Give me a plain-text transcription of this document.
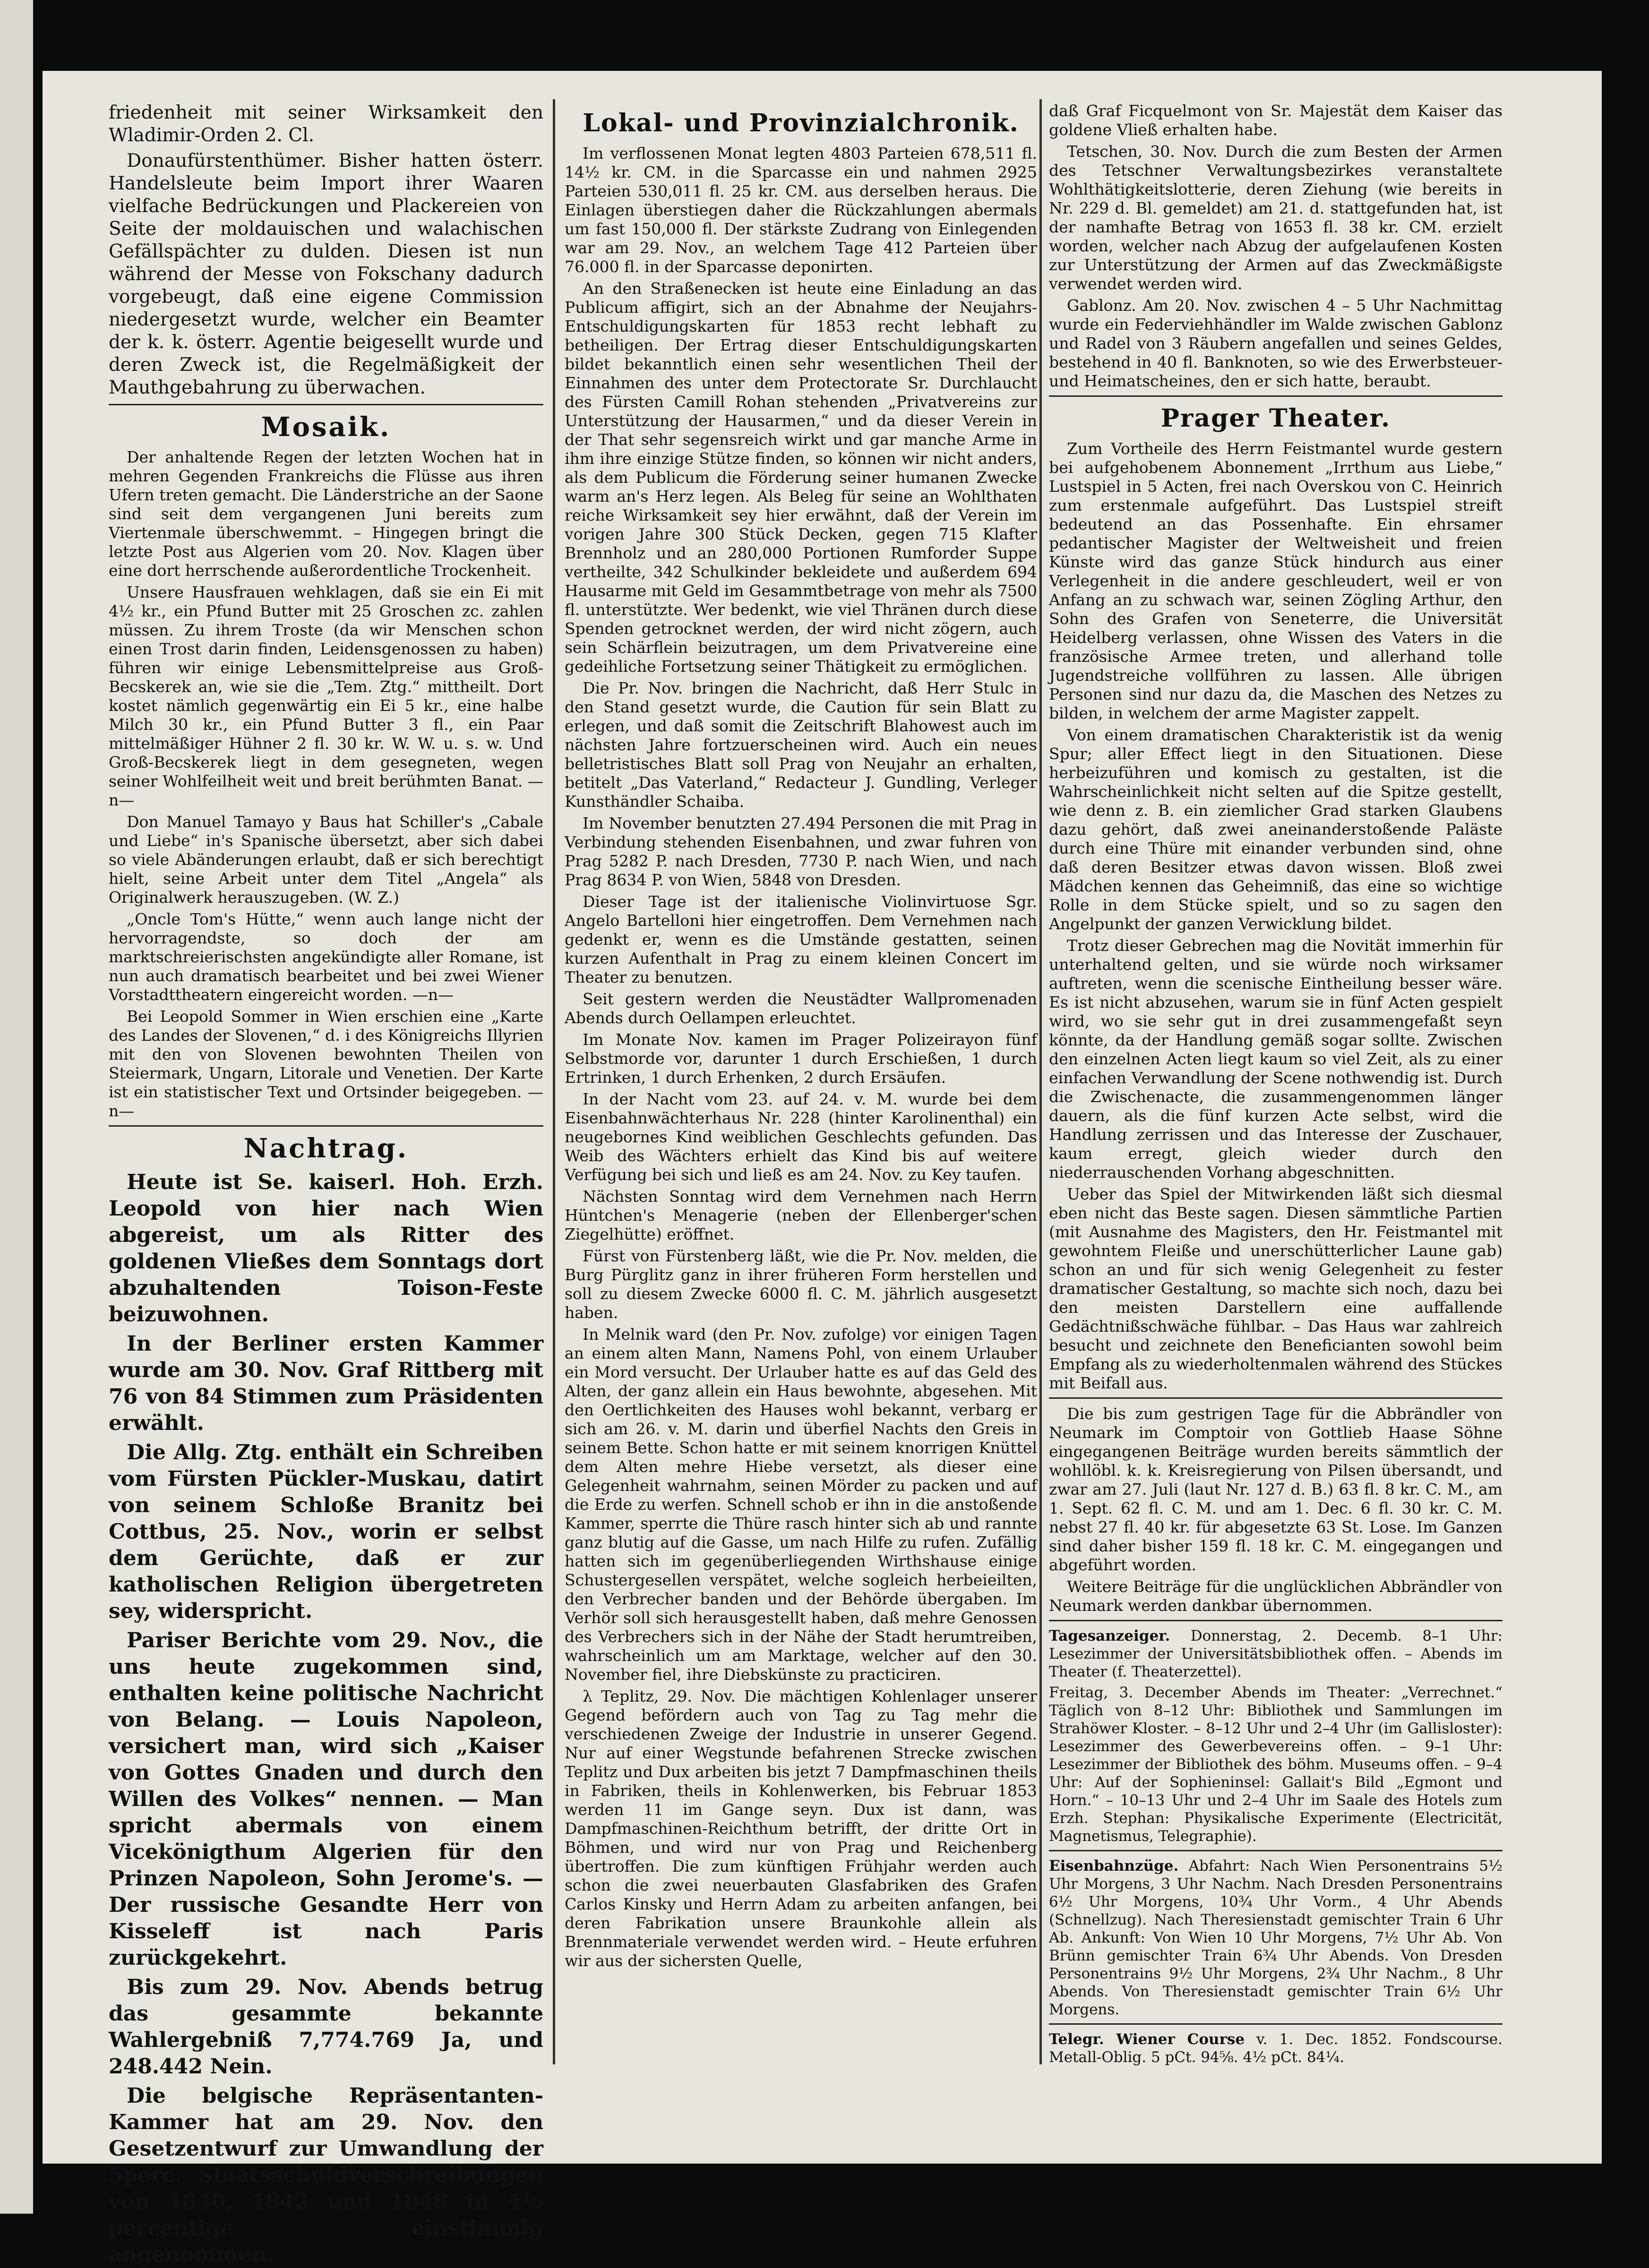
friedenheit mit seiner Wirksamkeit den Wladimir-Orden 2. Cl.

Donaufürstenthümer. Bisher hatten österr. Handelsleute beim Import ihrer Waaren vielfache Bedrückungen und Plackereien von Seite der moldauischen und walachischen Gefällspächter zu dulden. Diesen ist nun während der Messe von Fokschany dadurch vorgebeugt, daß eine eigene Commission niedergesetzt wurde, welcher ein Beamter der k. k. österr. Agentie beigesellt wurde und deren Zweck ist, die Regelmäßigkeit der Mauthgebahrung zu überwachen.

Mosaik.

Der anhaltende Regen der letzten Wochen hat in mehren Gegenden Frankreichs die Flüsse aus ihren Ufern treten gemacht. Die Länderstriche an der Saone sind seit dem vergangenen Juni bereits zum Viertenmale überschwemmt. – Hingegen bringt die letzte Post aus Algerien vom 20. Nov. Klagen über eine dort herrschende außerordentliche Trockenheit.

Unsere Hausfrauen wehklagen, daß sie ein Ei mit 4½ kr., ein Pfund Butter mit 25 Groschen zc. zahlen müssen. Zu ihrem Troste (da wir Menschen schon einen Trost darin finden, Leidensgenossen zu haben) führen wir einige Lebensmittelpreise aus Groß-Becskerek an, wie sie die „Tem. Ztg.“ mittheilt. Dort kostet nämlich gegenwärtig ein Ei 5 kr., eine halbe Milch 30 kr., ein Pfund Butter 3 fl., ein Paar mittelmäßiger Hühner 2 fl. 30 kr. W. W. u. s. w. Und Groß-Becskerek liegt in dem gesegneten, wegen seiner Wohlfeilheit weit und breit berühmten Banat. —n—

Don Manuel Tamayo y Baus hat Schiller's „Cabale und Liebe“ in's Spanische übersetzt, aber sich dabei so viele Abänderungen erlaubt, daß er sich berechtigt hielt, seine Arbeit unter dem Titel „Angela“ als Originalwerk herauszugeben. (W. Z.)

„Oncle Tom's Hütte,“ wenn auch lange nicht der hervorragendste, so doch der am marktschreierischsten angekündigte aller Romane, ist nun auch dramatisch bearbeitet und bei zwei Wiener Vorstadttheatern eingereicht worden. —n—

Bei Leopold Sommer in Wien erschien eine „Karte des Landes der Slovenen,“ d. i des Königreichs Illyrien mit den von Slovenen bewohnten Theilen von Steiermark, Ungarn, Litorale und Venetien. Der Karte ist ein statistischer Text und Ortsinder beigegeben. —n—

Nachtrag.

Heute ist Se. kaiserl. Hoh. Erzh. Leopold von hier nach Wien abgereist, um als Ritter des goldenen Vließes dem Sonntags dort abzuhaltenden Toison-Feste beizuwohnen.

In der Berliner ersten Kammer wurde am 30. Nov. Graf Rittberg mit 76 von 84 Stimmen zum Präsidenten erwählt.

Die Allg. Ztg. enthält ein Schreiben vom Fürsten Pückler-Muskau, datirt von seinem Schloße Branitz bei Cottbus, 25. Nov., worin er selbst dem Gerüchte, daß er zur katholischen Religion übergetreten sey, widerspricht.

Pariser Berichte vom 29. Nov., die uns heute zugekommen sind, enthalten keine politische Nachricht von Belang. — Louis Napoleon, versichert man, wird sich „Kaiser von Gottes Gnaden und durch den Willen des Volkes“ nennen. — Man spricht abermals von einem Vicekönigthum Algerien für den Prinzen Napoleon, Sohn Jerome's. — Der russische Gesandte Herr von Kisseleff ist nach Paris zurückgekehrt.

Bis zum 29. Nov. Abends betrug das gesammte bekannte Wahlergebniß 7,774.769 Ja, und 248.442 Nein.

Die belgische Repräsentanten-Kammer hat am 29. Nov. den Gesetzentwurf zur Umwandlung der 5perc. Staatsschuldverschreibungen von 1840, 1842 und 1848 in 4½ percentige einstimmig angenommen.

Lokal- und Provinzialchronik.

Im verflossenen Monat legten 4803 Parteien 678,511 fl. 14½ kr. CM. in die Sparcasse ein und nahmen 2925 Parteien 530,011 fl. 25 kr. CM. aus derselben heraus. Die Einlagen überstiegen daher die Rückzahlungen abermals um fast 150,000 fl. Der stärkste Zudrang von Einlegenden war am 29. Nov., an welchem Tage 412 Parteien über 76.000 fl. in der Sparcasse deponirten.

An den Straßenecken ist heute eine Einladung an das Publicum affigirt, sich an der Abnahme der Neujahrs-Entschuldigungskarten für 1853 recht lebhaft zu betheiligen. Der Ertrag dieser Entschuldigungskarten bildet bekanntlich einen sehr wesentlichen Theil der Einnahmen des unter dem Protectorate Sr. Durchlaucht des Fürsten Camill Rohan stehenden „Privatvereins zur Unterstützung der Hausarmen,“ und da dieser Verein in der That sehr segensreich wirkt und gar manche Arme in ihm ihre einzige Stütze finden, so können wir nicht anders, als dem Publicum die Förderung seiner humanen Zwecke warm an's Herz legen. Als Beleg für seine an Wohlthaten reiche Wirksamkeit sey hier erwähnt, daß der Verein im vorigen Jahre 300 Stück Decken, gegen 715 Klafter Brennholz und an 280,000 Portionen Rumforder Suppe vertheilte, 342 Schulkinder bekleidete und außerdem 694 Hausarme mit Geld im Gesammtbetrage von mehr als 7500 fl. unterstützte. Wer bedenkt, wie viel Thränen durch diese Spenden getrocknet werden, der wird nicht zögern, auch sein Schärflein beizutragen, um dem Privatvereine eine gedeihliche Fortsetzung seiner Thätigkeit zu ermöglichen.

Die Pr. Nov. bringen die Nachricht, daß Herr Stulc in den Stand gesetzt wurde, die Caution für sein Blatt zu erlegen, und daß somit die Zeitschrift Blahowest auch im nächsten Jahre fortzuerscheinen wird. Auch ein neues belletristisches Blatt soll Prag von Neujahr an erhalten, betitelt „Das Vaterland,“ Redacteur J. Gundling, Verleger Kunsthändler Schaiba.

Im November benutzten 27.494 Personen die mit Prag in Verbindung stehenden Eisenbahnen, und zwar fuhren von Prag 5282 P. nach Dresden, 7730 P. nach Wien, und nach Prag 8634 P. von Wien, 5848 von Dresden.

Dieser Tage ist der italienische Violinvirtuose Sgr. Angelo Bartelloni hier eingetroffen. Dem Vernehmen nach gedenkt er, wenn es die Umstände gestatten, seinen kurzen Aufenthalt in Prag zu einem kleinen Concert im Theater zu benutzen.

Seit gestern werden die Neustädter Wallpromenaden Abends durch Oellampen erleuchtet.

Im Monate Nov. kamen im Prager Polizeirayon fünf Selbstmorde vor, darunter 1 durch Erschießen, 1 durch Ertrinken, 1 durch Erhenken, 2 durch Ersäufen.

In der Nacht vom 23. auf 24. v. M. wurde bei dem Eisenbahnwächterhaus Nr. 228 (hinter Karolinenthal) ein neugebornes Kind weiblichen Geschlechts gefunden. Das Weib des Wächters erhielt das Kind bis auf weitere Verfügung bei sich und ließ es am 24. Nov. zu Key taufen.

Nächsten Sonntag wird dem Vernehmen nach Herrn Hüntchen's Menagerie (neben der Ellenberger'schen Ziegelhütte) eröffnet.

Fürst von Fürstenberg läßt, wie die Pr. Nov. melden, die Burg Pürglitz ganz in ihrer früheren Form herstellen und soll zu diesem Zwecke 6000 fl. C. M. jährlich ausgesetzt haben.

In Melnik ward (den Pr. Nov. zufolge) vor einigen Tagen an einem alten Mann, Namens Pohl, von einem Urlauber ein Mord versucht. Der Urlauber hatte es auf das Geld des Alten, der ganz allein ein Haus bewohnte, abgesehen. Mit den Oertlichkeiten des Hauses wohl bekannt, verbarg er sich am 26. v. M. darin und überfiel Nachts den Greis in seinem Bette. Schon hatte er mit seinem knorrigen Knüttel dem Alten mehre Hiebe versetzt, als dieser eine Gelegenheit wahrnahm, seinen Mörder zu packen und auf die Erde zu werfen. Schnell schob er ihn in die anstoßende Kammer, sperrte die Thüre rasch hinter sich ab und rannte ganz blutig auf die Gasse, um nach Hilfe zu rufen. Zufällig hatten sich im gegenüberliegenden Wirthshause einige Schustergesellen verspätet, welche sogleich herbeieilten, den Verbrecher banden und der Behörde übergaben. Im Verhör soll sich herausgestellt haben, daß mehre Genossen des Verbrechers sich in der Nähe der Stadt herumtreiben, wahrscheinlich um am Marktage, welcher auf den 30. November fiel, ihre Diebskünste zu practiciren.

λ Teplitz, 29. Nov. Die mächtigen Kohlenlager unserer Gegend befördern auch von Tag zu Tag mehr die verschiedenen Zweige der Industrie in unserer Gegend. Nur auf einer Wegstunde befahrenen Strecke zwischen Teplitz und Dux arbeiten bis jetzt 7 Dampfmaschinen theils in Fabriken, theils in Kohlenwerken, bis Februar 1853 werden 11 im Gange seyn. Dux ist dann, was Dampfmaschinen-Reichthum betrifft, der dritte Ort in Böhmen, und wird nur von Prag und Reichenberg übertroffen. Die zum künftigen Frühjahr werden auch schon die zwei neuerbauten Glasfabriken des Grafen Carlos Kinsky und Herrn Adam zu arbeiten anfangen, bei deren Fabrikation unsere Braunkohle allein als Brennmateriale verwendet werden wird. – Heute erfuhren wir aus der sichersten Quelle,

daß Graf Ficquelmont von Sr. Majestät dem Kaiser das goldene Vließ erhalten habe.

Tetschen, 30. Nov. Durch die zum Besten der Armen des Tetschner Verwaltungsbezirkes veranstaltete Wohlthätigkeitslotterie, deren Ziehung (wie bereits in Nr. 229 d. Bl. gemeldet) am 21. d. stattgefunden hat, ist der namhafte Betrag von 1653 fl. 38 kr. CM. erzielt worden, welcher nach Abzug der aufgelaufenen Kosten zur Unterstützung der Armen auf das Zweckmäßigste verwendet werden wird.

Gablonz. Am 20. Nov. zwischen 4 – 5 Uhr Nachmittag wurde ein Federviehhändler im Walde zwischen Gablonz und Radel von 3 Räubern angefallen und seines Geldes, bestehend in 40 fl. Banknoten, so wie des Erwerbsteuer- und Heimatscheines, den er sich hatte, beraubt.

Prager Theater.

Zum Vortheile des Herrn Feistmantel wurde gestern bei aufgehobenem Abonnement „Irrthum aus Liebe,“ Lustspiel in 5 Acten, frei nach Overskou von C. Heinrich zum erstenmale aufgeführt. Das Lustspiel streift bedeutend an das Possenhafte. Ein ehrsamer pedantischer Magister der Weltweisheit und freien Künste wird das ganze Stück hindurch aus einer Verlegenheit in die andere geschleudert, weil er von Anfang an zu schwach war, seinen Zögling Arthur, den Sohn des Grafen von Seneterre, die Universität Heidelberg verlassen, ohne Wissen des Vaters in die französische Armee treten, und allerhand tolle Jugendstreiche vollführen zu lassen. Alle übrigen Personen sind nur dazu da, die Maschen des Netzes zu bilden, in welchem der arme Magister zappelt.

Von einem dramatischen Charakteristik ist da wenig Spur; aller Effect liegt in den Situationen. Diese herbeizuführen und komisch zu gestalten, ist die Wahrscheinlichkeit nicht selten auf die Spitze gestellt, wie denn z. B. ein ziemlicher Grad starken Glaubens dazu gehört, daß zwei aneinanderstoßende Paläste durch eine Thüre mit einander verbunden sind, ohne daß deren Besitzer etwas davon wissen. Bloß zwei Mädchen kennen das Geheimniß, das eine so wichtige Rolle in dem Stücke spielt, und so zu sagen den Angelpunkt der ganzen Verwicklung bildet.

Trotz dieser Gebrechen mag die Novität immerhin für unterhaltend gelten, und sie würde noch wirksamer auftreten, wenn die scenische Eintheilung besser wäre. Es ist nicht abzusehen, warum sie in fünf Acten gespielt wird, wo sie sehr gut in drei zusammengefaßt seyn könnte, da der Handlung gemäß sogar sollte. Zwischen den einzelnen Acten liegt kaum so viel Zeit, als zu einer einfachen Verwandlung der Scene nothwendig ist. Durch die Zwischenacte, die zusammengenommen länger dauern, als die fünf kurzen Acte selbst, wird die Handlung zerrissen und das Interesse der Zuschauer, kaum erregt, gleich wieder durch den niederrauschenden Vorhang abgeschnitten.

Ueber das Spiel der Mitwirkenden läßt sich diesmal eben nicht das Beste sagen. Diesen sämmtliche Partien (mit Ausnahme des Magisters, den Hr. Feistmantel mit gewohntem Fleiße und unerschütterlicher Laune gab) schon an und für sich wenig Gelegenheit zu fester dramatischer Gestaltung, so machte sich noch, dazu bei den meisten Darstellern eine auffallende Gedächtnißschwäche fühlbar. – Das Haus war zahlreich besucht und zeichnete den Beneficianten sowohl beim Empfang als zu wiederholtenmalen während des Stückes mit Beifall aus.

Die bis zum gestrigen Tage für die Abbrändler von Neumark im Comptoir von Gottlieb Haase Söhne eingegangenen Beiträge wurden bereits sämmtlich der wohllöbl. k. k. Kreisregierung von Pilsen übersandt, und zwar am 27. Juli (laut Nr. 127 d. B.) 63 fl. 8 kr. C. M., am 1. Sept. 62 fl. C. M. und am 1. Dec. 6 fl. 30 kr. C. M. nebst 27 fl. 40 kr. für abgesetzte 63 St. Lose. Im Ganzen sind daher bisher 159 fl. 18 kr. C. M. eingegangen und abgeführt worden.

Weitere Beiträge für die unglücklichen Abbrändler von Neumark werden dankbar übernommen.

Tagesanzeiger. Donnerstag, 2. Decemb. 8–1 Uhr: Lesezimmer der Universitätsbibliothek offen. – Abends im Theater (f. Theaterzettel).

Freitag, 3. December Abends im Theater: „Verrechnet.“ Täglich von 8–12 Uhr: Bibliothek und Sammlungen im Strahöwer Kloster. – 8–12 Uhr und 2–4 Uhr (im Gallisloster): Lesezimmer des Gewerbevereins offen. – 9–1 Uhr: Lesezimmer der Bibliothek des böhm. Museums offen. – 9–4 Uhr: Auf der Sophieninsel: Gallait's Bild „Egmont und Horn.“ – 10–13 Uhr und 2–4 Uhr im Saale des Hotels zum Erzh. Stephan: Physikalische Experimente (Electricität, Magnetismus, Telegraphie).

Eisenbahnzüge. Abfahrt: Nach Wien Personentrains 5½ Uhr Morgens, 3 Uhr Nachm. Nach Dresden Personentrains 6½ Uhr Morgens, 10¾ Uhr Vorm., 4 Uhr Abends (Schnellzug). Nach Theresienstadt gemischter Train 6 Uhr Ab. Ankunft: Von Wien 10 Uhr Morgens, 7½ Uhr Ab. Von Brünn gemischter Train 6¾ Uhr Abends. Von Dresden Personentrains 9½ Uhr Morgens, 2¾ Uhr Nachm., 8 Uhr Abends. Von Theresienstadt gemischter Train 6½ Uhr Morgens.

Telegr. Wiener Course v. 1. Dec. 1852. Fondscourse. Metall-Oblig. 5 pCt. 94⅝. 4½ pCt. 84¼.
